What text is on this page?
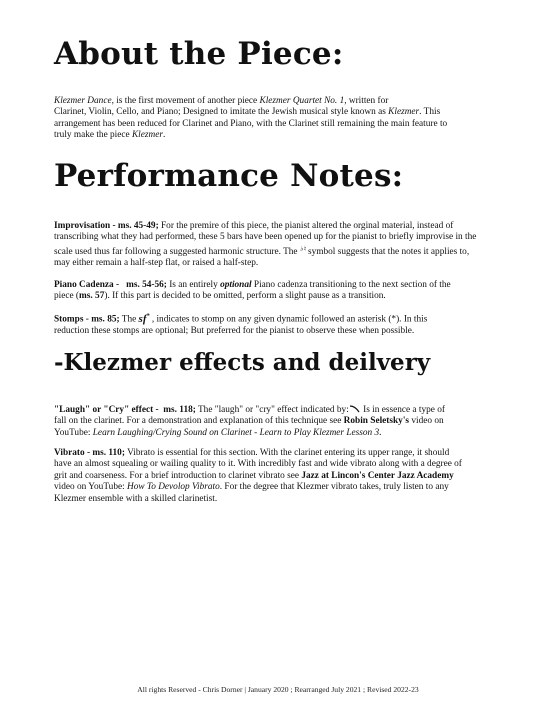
About the Piece:
Klezmer Dance, is the first movement of another piece Klezmer Quartet No. 1, written for
Clarinet, Violin, Cello, and Piano; Designed to imitate the Jewish musical style known as Klezmer. This
arrangement has been reduced for Clarinet and Piano, with the Clarinet still remaining the main feature to
truly make the piece Klezmer.
Performance Notes:
Improvisation - ms. 45-49; For the premire of this piece, the pianist altered the orginal material, instead of
transcribing what they had performed, these 5 bars have been opened up for the pianist to briefly improvise in the
scale used thus far following a suggested harmonic structure. The ♭♮ symbol suggests that the notes it applies to,
may either remain a half-step flat, or raised a half-step.
Piano Cadenza - ms. 54-56; Is an entirely optional Piano cadenza transitioning to the next section of the
piece (ms. 57). If this part is decided to be omitted, perform a slight pause as a transition.
Stomps - ms. 85; The sf* , indicates to stomp on any given dynamic followed an asterisk (*). In this
reduction these stomps are optional; But preferred for the pianist to observe these when possible.
-Klezmer effects and deilvery
"Laugh" or "Cry" effect - ms. 118; The "laugh" or "cry" effect indicated by: Is in essence a type of
fall on the clarinet. For a demonstration and explanation of this technique see Robin Seletsky's video on
YouTube: Learn Laughing/Crying Sound on Clarinet - Learn to Play Klezmer Lesson 3.
Vibrato - ms. 110; Vibrato is essential for this section. With the clarinet entering its upper range, it should
have an almost squealing or wailing quality to it. With incredibly fast and wide vibrato along with a degree of
grit and coarseness. For a brief introduction to clarinet vibrato see Jazz at Lincon's Center Jazz Academy
video on YouTube: How To Devolop Vibrato. For the degree that Klezmer vibrato takes, truly listen to any
Klezmer ensemble with a skilled clarinetist.
All rights Reserved - Chris Dorner | January 2020 ; Rearranged July 2021 ; Revised 2022-23
